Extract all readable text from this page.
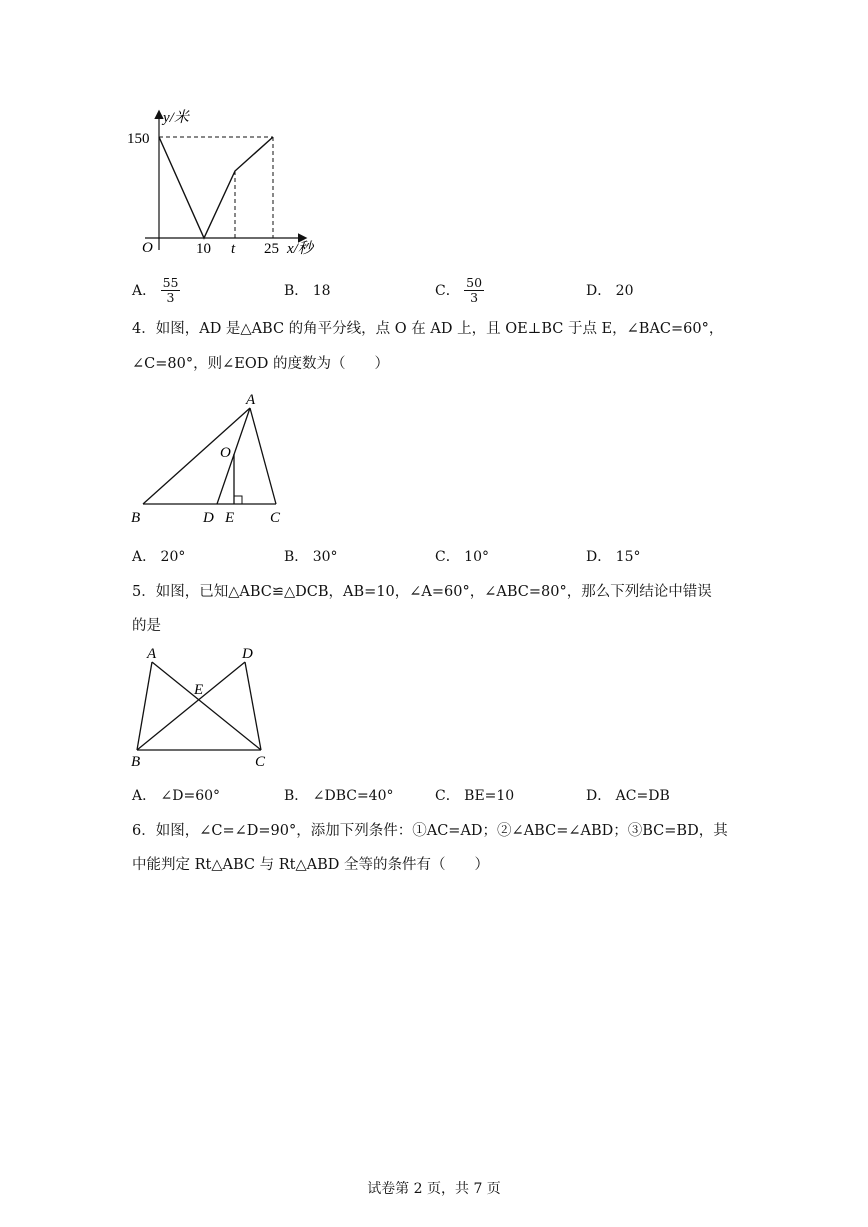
y/米
150
O	10 t 25 x/秒
A． $\frac{55}{3}$	B． 18	C． $\frac{50}{3}$	D． 20
4．如图，AD 是△ABC 的角平分线，点 O 在 AD 上，且 OE⊥BC 于点 E，∠BAC=60°，
∠C=80°，则∠EOD 的度数为（　　）
A
O
B	D E C
A． 20°	B． 30°	C． 10°	D． 15°
5．如图，已知△ABC≌△DCB，AB=10，∠A=60°，∠ABC=80°，那么下列结论中错误
的是
A	D
E
B	C
A． ∠D=60°	B． ∠DBC=40°	C． BE=10	D． AC=DB
6．如图，∠C=∠D=90°，添加下列条件：①AC=AD；②∠ABC=∠ABD；③BC=BD，其
中能判定 Rt△ABC 与 Rt△ABD 全等的条件有（　　）
试卷第 2 页，共 7 页
